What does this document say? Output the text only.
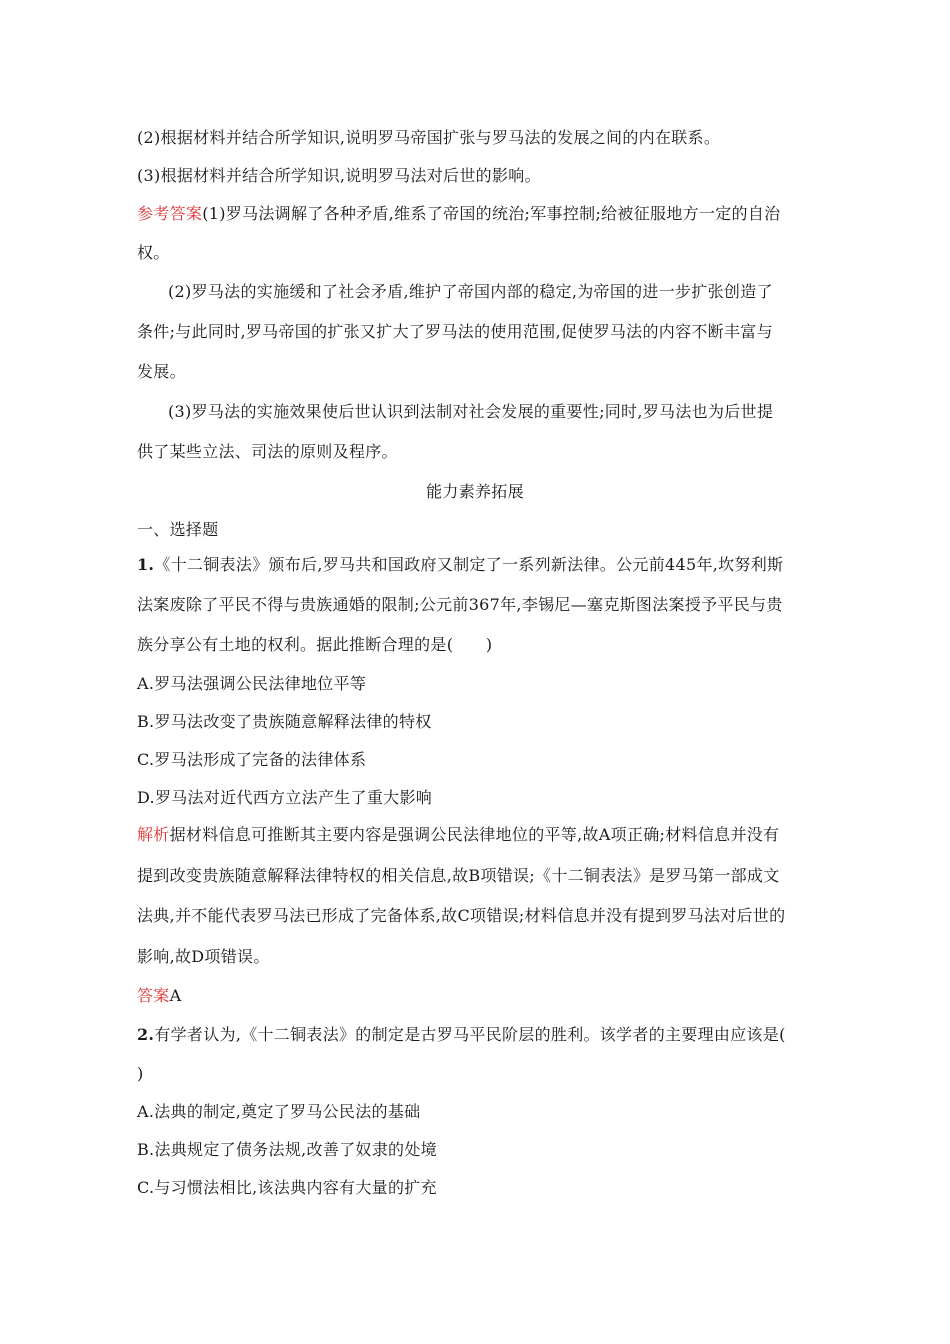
(2)根据材料并结合所学知识,说明罗马帝国扩张与罗马法的发展之间的内在联系。
(3)根据材料并结合所学知识,说明罗马法对后世的影响。
参考答案(1)罗马法调解了各种矛盾,维系了帝国的统治;军事控制;给被征服地方一定的自治
权。
(2)罗马法的实施缓和了社会矛盾,维护了帝国内部的稳定,为帝国的进一步扩张创造了
条件;与此同时,罗马帝国的扩张又扩大了罗马法的使用范围,促使罗马法的内容不断丰富与
发展。
(3)罗马法的实施效果使后世认识到法制对社会发展的重要性;同时,罗马法也为后世提
供了某些立法、司法的原则及程序。
能力素养拓展
一、选择题
1.《十二铜表法》颁布后,罗马共和国政府又制定了一系列新法律。公元前445年,坎努利斯
法案废除了平民不得与贵族通婚的限制;公元前367年,李锡尼—塞克斯图法案授予平民与贵
族分享公有土地的权利。据此推断合理的是(　　)
A.罗马法强调公民法律地位平等
B.罗马法改变了贵族随意解释法律的特权
C.罗马法形成了完备的法律体系
D.罗马法对近代西方立法产生了重大影响
解析据材料信息可推断其主要内容是强调公民法律地位的平等,故A项正确;材料信息并没有
提到改变贵族随意解释法律特权的相关信息,故B项错误;《十二铜表法》是罗马第一部成文
法典,并不能代表罗马法已形成了完备体系,故C项错误;材料信息并没有提到罗马法对后世的
影响,故D项错误。
答案A
2.有学者认为,《十二铜表法》的制定是古罗马平民阶层的胜利。该学者的主要理由应该是(
)
A.法典的制定,奠定了罗马公民法的基础
B.法典规定了债务法规,改善了奴隶的处境
C.与习惯法相比,该法典内容有大量的扩充
